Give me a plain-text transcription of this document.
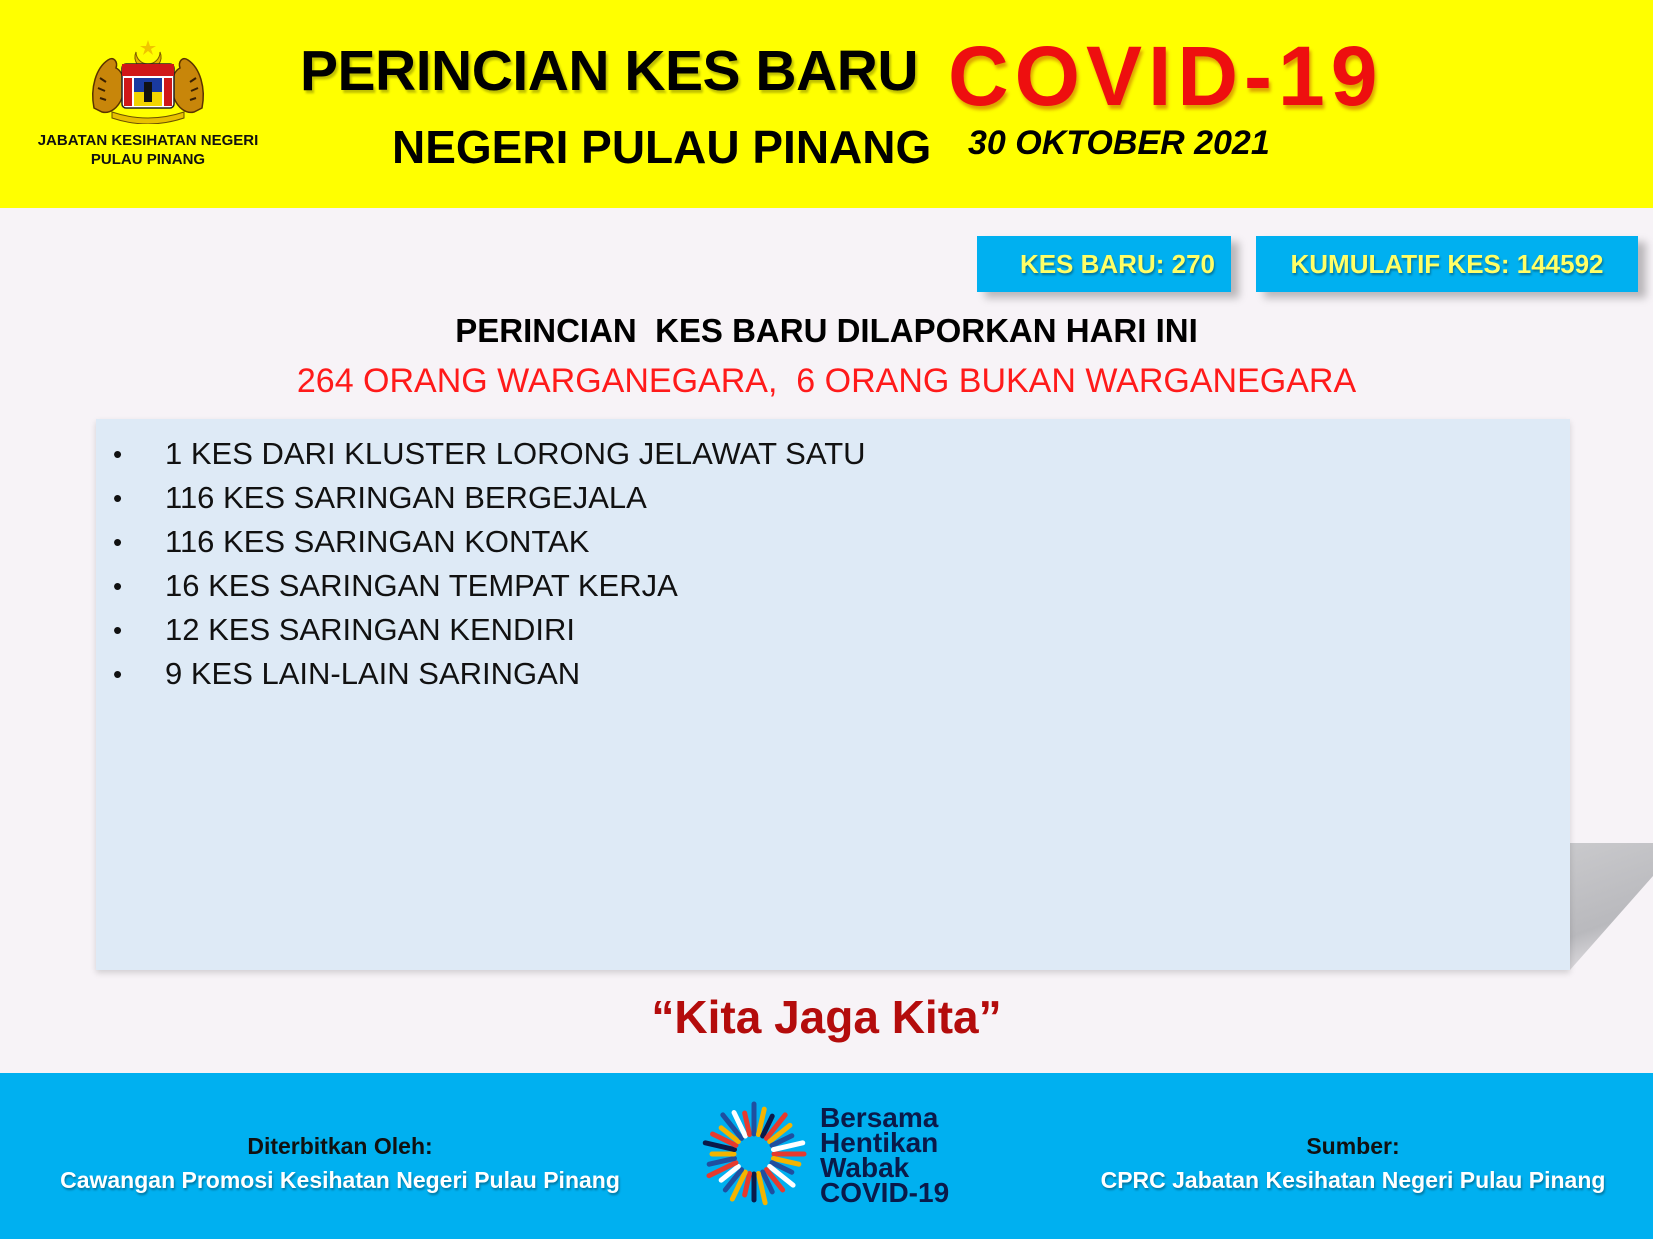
JABATAN KESIHATAN NEGERI
PULAU PINANG
PERINCIAN KES BARU COVID-19
NEGERI PULAU PINANG 30 OKTOBER 2021
KES BARU: 270	KUMULATIF KES: 144592
PERINCIAN  KES BARU DILAPORKAN HARI INI
264 ORANG WARGANEGARA,  6 ORANG BUKAN WARGANEGARA
• 1 KES DARI KLUSTER LORONG JELAWAT SATU
• 116 KES SARINGAN BERGEJALA
• 116 KES SARINGAN KONTAK
• 16 KES SARINGAN TEMPAT KERJA
• 12 KES SARINGAN KENDIRI
• 9 KES LAIN-LAIN SARINGAN
“Kita Jaga Kita”
Diterbitkan Oleh:
Cawangan Promosi Kesihatan Negeri Pulau Pinang
Bersama
Hentikan
Wabak
COVID-19
Sumber:
CPRC Jabatan Kesihatan Negeri Pulau Pinang
